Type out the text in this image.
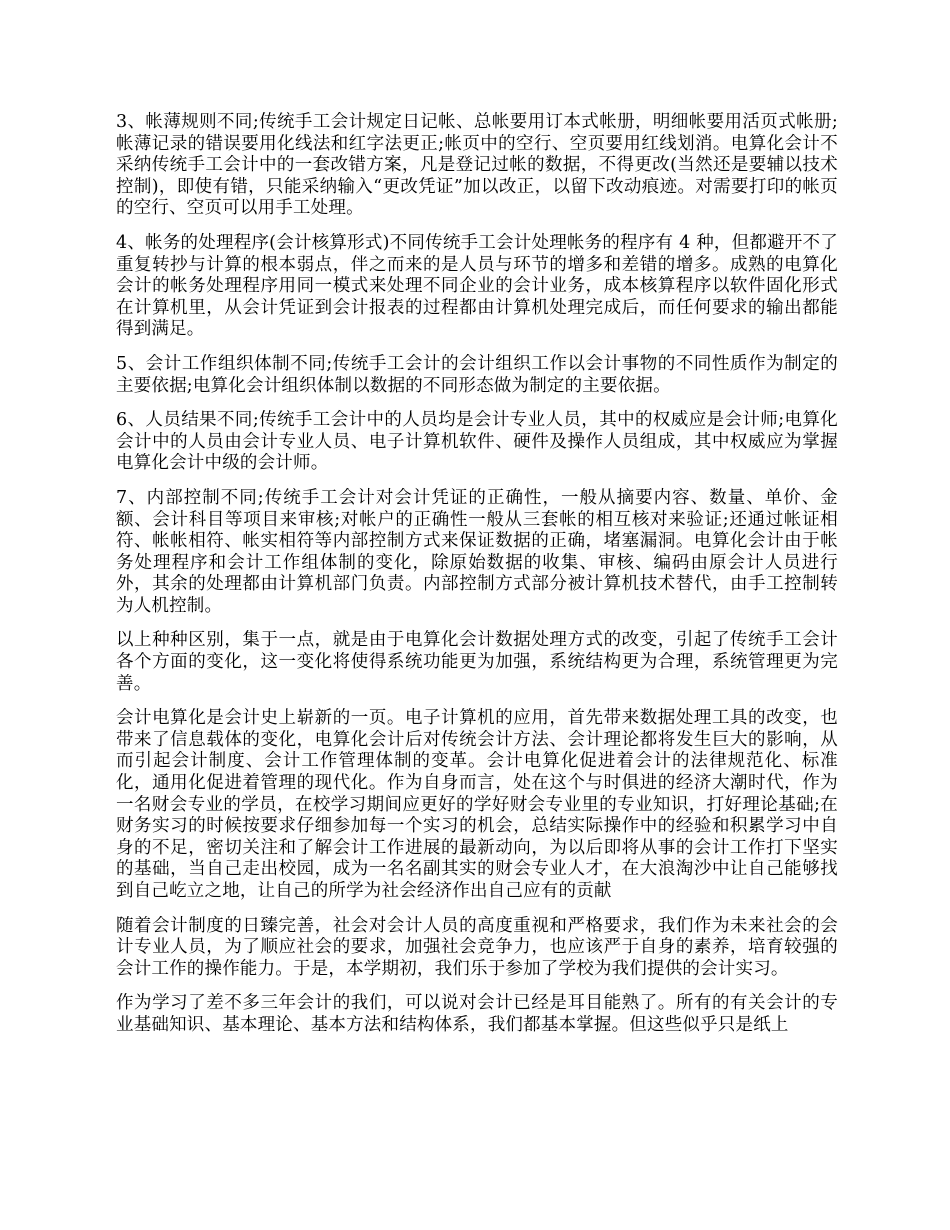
3、帐薄规则不同;传统手工会计规定日记帐、总帐要用订本式帐册，明细帐要用活页式帐册;帐薄记录的错误要用化线法和红字法更正;帐页中的空行、空页要用红线划消。电算化会计不采纳传统手工会计中的一套改错方案，凡是登记过帐的数据，不得更改(当然还是要辅以技术控制)，即使有错，只能采纳输入“更改凭证”加以改正，以留下改动痕迹。对需要打印的帐页的空行、空页可以用手工处理。

4、帐务的处理程序(会计核算形式)不同传统手工会计处理帐务的程序有 4 种，但都避开不了重复转抄与计算的根本弱点，伴之而来的是人员与环节的增多和差错的增多。成熟的电算化会计的帐务处理程序用同一模式来处理不同企业的会计业务，成本核算程序以软件固化形式在计算机里，从会计凭证到会计报表的过程都由计算机处理完成后，而任何要求的输出都能得到满足。

5、会计工作组织体制不同;传统手工会计的会计组织工作以会计事物的不同性质作为制定的主要依据;电算化会计组织体制以数据的不同形态做为制定的主要依据。

6、人员结果不同;传统手工会计中的人员均是会计专业人员，其中的权威应是会计师;电算化会计中的人员由会计专业人员、电子计算机软件、硬件及操作人员组成，其中权威应为掌握电算化会计中级的会计师。

7、内部控制不同;传统手工会计对会计凭证的正确性，一般从摘要内容、数量、单价、金额、会计科目等项目来审核;对帐户的正确性一般从三套帐的相互核对来验证;还通过帐证相符、帐帐相符、帐实相符等内部控制方式来保证数据的正确，堵塞漏洞。电算化会计由于帐务处理程序和会计工作组体制的变化，除原始数据的收集、审核、编码由原会计人员进行外，其余的处理都由计算机部门负责。内部控制方式部分被计算机技术替代，由手工控制转为人机控制。

以上种种区别，集于一点，就是由于电算化会计数据处理方式的改变，引起了传统手工会计各个方面的变化，这一变化将使得系统功能更为加强，系统结构更为合理，系统管理更为完善。

会计电算化是会计史上崭新的一页。电子计算机的应用，首先带来数据处理工具的改变，也带来了信息载体的变化，电算化会计后对传统会计方法、会计理论都将发生巨大的影响，从而引起会计制度、会计工作管理体制的变革。会计电算化促进着会计的法律规范化、标准化，通用化促进着管理的现代化。作为自身而言，处在这个与时俱进的经济大潮时代，作为一名财会专业的学员，在校学习期间应更好的学好财会专业里的专业知识，打好理论基础;在财务实习的时候按要求仔细参加每一个实习的机会，总结实际操作中的经验和积累学习中自身的不足，密切关注和了解会计工作进展的最新动向，为以后即将从事的会计工作打下坚实的基础，当自己走出校园，成为一名名副其实的财会专业人才，在大浪淘沙中让自己能够找到自己屹立之地，让自己的所学为社会经济作出自己应有的贡献

随着会计制度的日臻完善，社会对会计人员的高度重视和严格要求，我们作为未来社会的会计专业人员，为了顺应社会的要求，加强社会竞争力，也应该严于自身的素养，培育较强的会计工作的操作能力。于是，本学期初，我们乐于参加了学校为我们提供的会计实习。

作为学习了差不多三年会计的我们，可以说对会计已经是耳目能熟了。所有的有关会计的专业基础知识、基本理论、基本方法和结构体系，我们都基本掌握。但这些似乎只是纸上
